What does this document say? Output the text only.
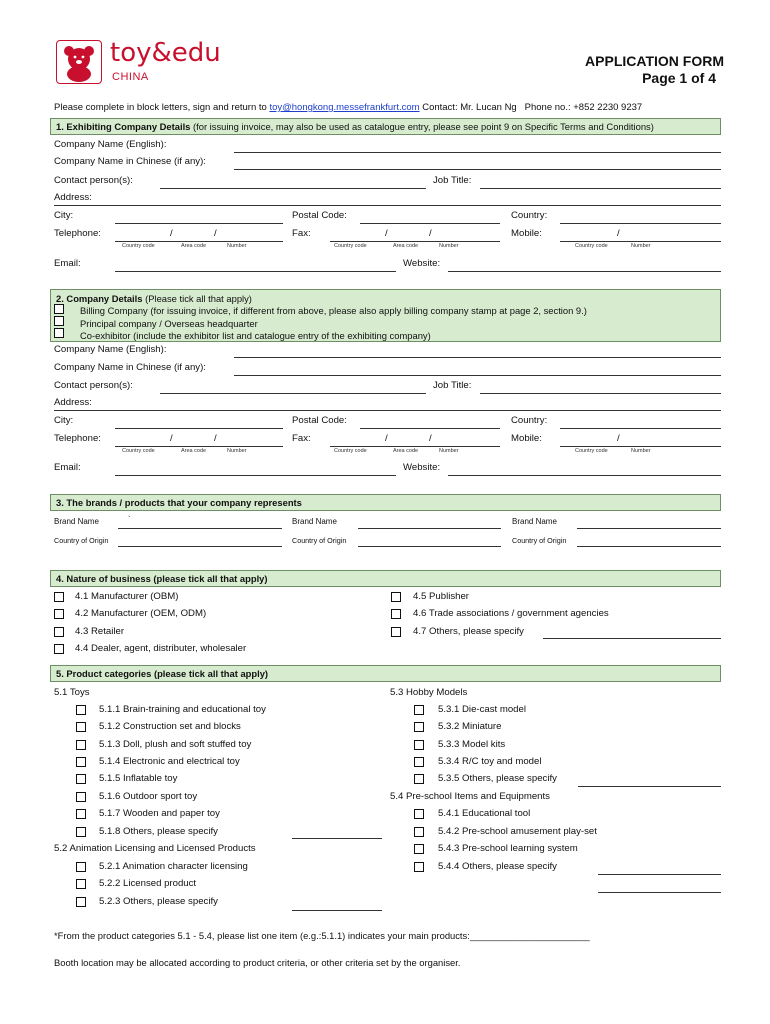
toy&edu
CHINA
APPLICATION FORM
Page 1 of 4
Please complete in block letters, sign and return to toy@hongkong.messefrankfurt.com Contact: Mr. Lucan Ng Phone no.: +852 2230 9237
1. Exhibiting Company Details (for issuing invoice, may also be used as catalogue entry, please see point 9 on Specific Terms and Conditions)
Company Name (English):
Company Name in Chinese (if any):
Contact person(s):	Job Title:
Address:
City:	Postal Code:	Country:
Telephone:	/	/
Country code	Area code	Number
Fax:	/	/
Country code	Area code	Number
Mobile:	/
Country code	Number
Email:	Website:
2. Company Details (Please tick all that apply)
Billing Company (for issuing invoice, if different from above, please also apply billing company stamp at page 2, section 9.)
Principal company / Overseas headquarter
Co-exhibitor (include the exhibitor list and catalogue entry of the exhibiting company)
Company Name (English):
Company Name in Chinese (if any):
Contact person(s):	Job Title:
Address:
City:	Postal Code:	Country:
Telephone:	/	/
Country code	Area code	Number
Fax:	/	/
Country code	Area code	Number
Mobile:	/
Country code	Number
Email:	Website:
3. The brands / products that your company represents
Brand Name	`	Brand Name	Brand Name
Country of Origin	Country of Origin	Country of Origin
4. Nature of business (please tick all that apply)
4.1 Manufacturer (OBM)
4.2 Manufacturer (OEM, ODM)
4.3 Retailer
4.4 Dealer, agent, distributer, wholesaler
4.5 Publisher
4.6 Trade associations / government agencies
4.7 Others, please specify
5. Product categories (please tick all that apply)
5.1 Toys
5.1.1 Brain-training and educational toy
5.1.2 Construction set and blocks
5.1.3 Doll, plush and soft stuffed toy
5.1.4 Electronic and electrical toy
5.1.5 Inflatable toy
5.1.6 Outdoor sport toy
5.1.7 Wooden and paper toy
5.1.8 Others, please specify
5.2 Animation Licensing and Licensed Products
5.2.1 Animation character licensing
5.2.2 Licensed product
5.2.3 Others, please specify
5.3 Hobby Models
5.3.1 Die-cast model
5.3.2 Miniature
5.3.3 Model kits
5.3.4 R/C toy and model
5.3.5 Others, please specify
5.4 Pre-school Items and Equipments
5.4.1 Educational tool
5.4.2 Pre-school amusement play-set
5.4.3 Pre-school learning system
5.4.4 Others, please specify
*From the product categories 5.1 - 5.4, please list one item (e.g.:5.1.1) indicates your main products:_______________________
Booth location may be allocated according to product criteria, or other criteria set by the organiser.
